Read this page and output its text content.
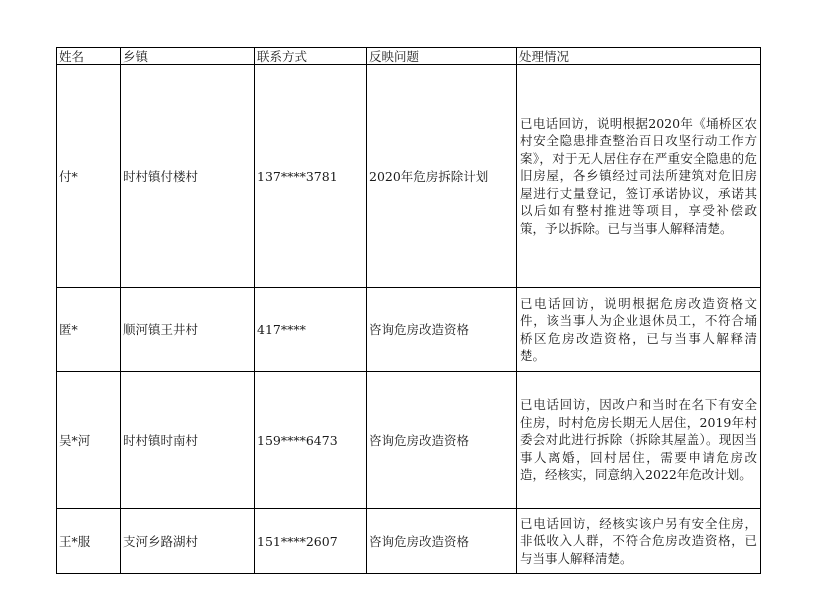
姓名	乡镇	联系方式	反映问题	处理情况
付*	时村镇付楼村	137****3781	2020年危房拆除计划	已电话回访，说明根据2020年《埇桥区农村安全隐患排查整治百日攻坚行动工作方案》，对于无人居住存在严重安全隐患的危旧房屋，各乡镇经过司法所建筑对危旧房屋进行丈量登记，签订承诺协议，承诺其以后如有整村推进等项目，享受补偿政策，予以拆除。已与当事人解释清楚。
匿*	顺河镇王井村	417****	咨询危房改造资格	已电话回访，说明根据危房改造资格文件，该当事人为企业退休员工，不符合埇桥区危房改造资格，已与当事人解释清楚。
吴*河	时村镇时南村	159****6473	咨询危房改造资格	已电话回访，因改户和当时在名下有安全住房，时村危房长期无人居住，2019年村委会对此进行拆除（拆除其屋盖）。现因当事人离婚，回村居住，需要申请危房改造，经核实，同意纳入2022年危改计划。
王*服	支河乡路湖村	151****2607	咨询危房改造资格	已电话回访，经核实该户另有安全住房，非低收入人群，不符合危房改造资格，已与当事人解释清楚。
